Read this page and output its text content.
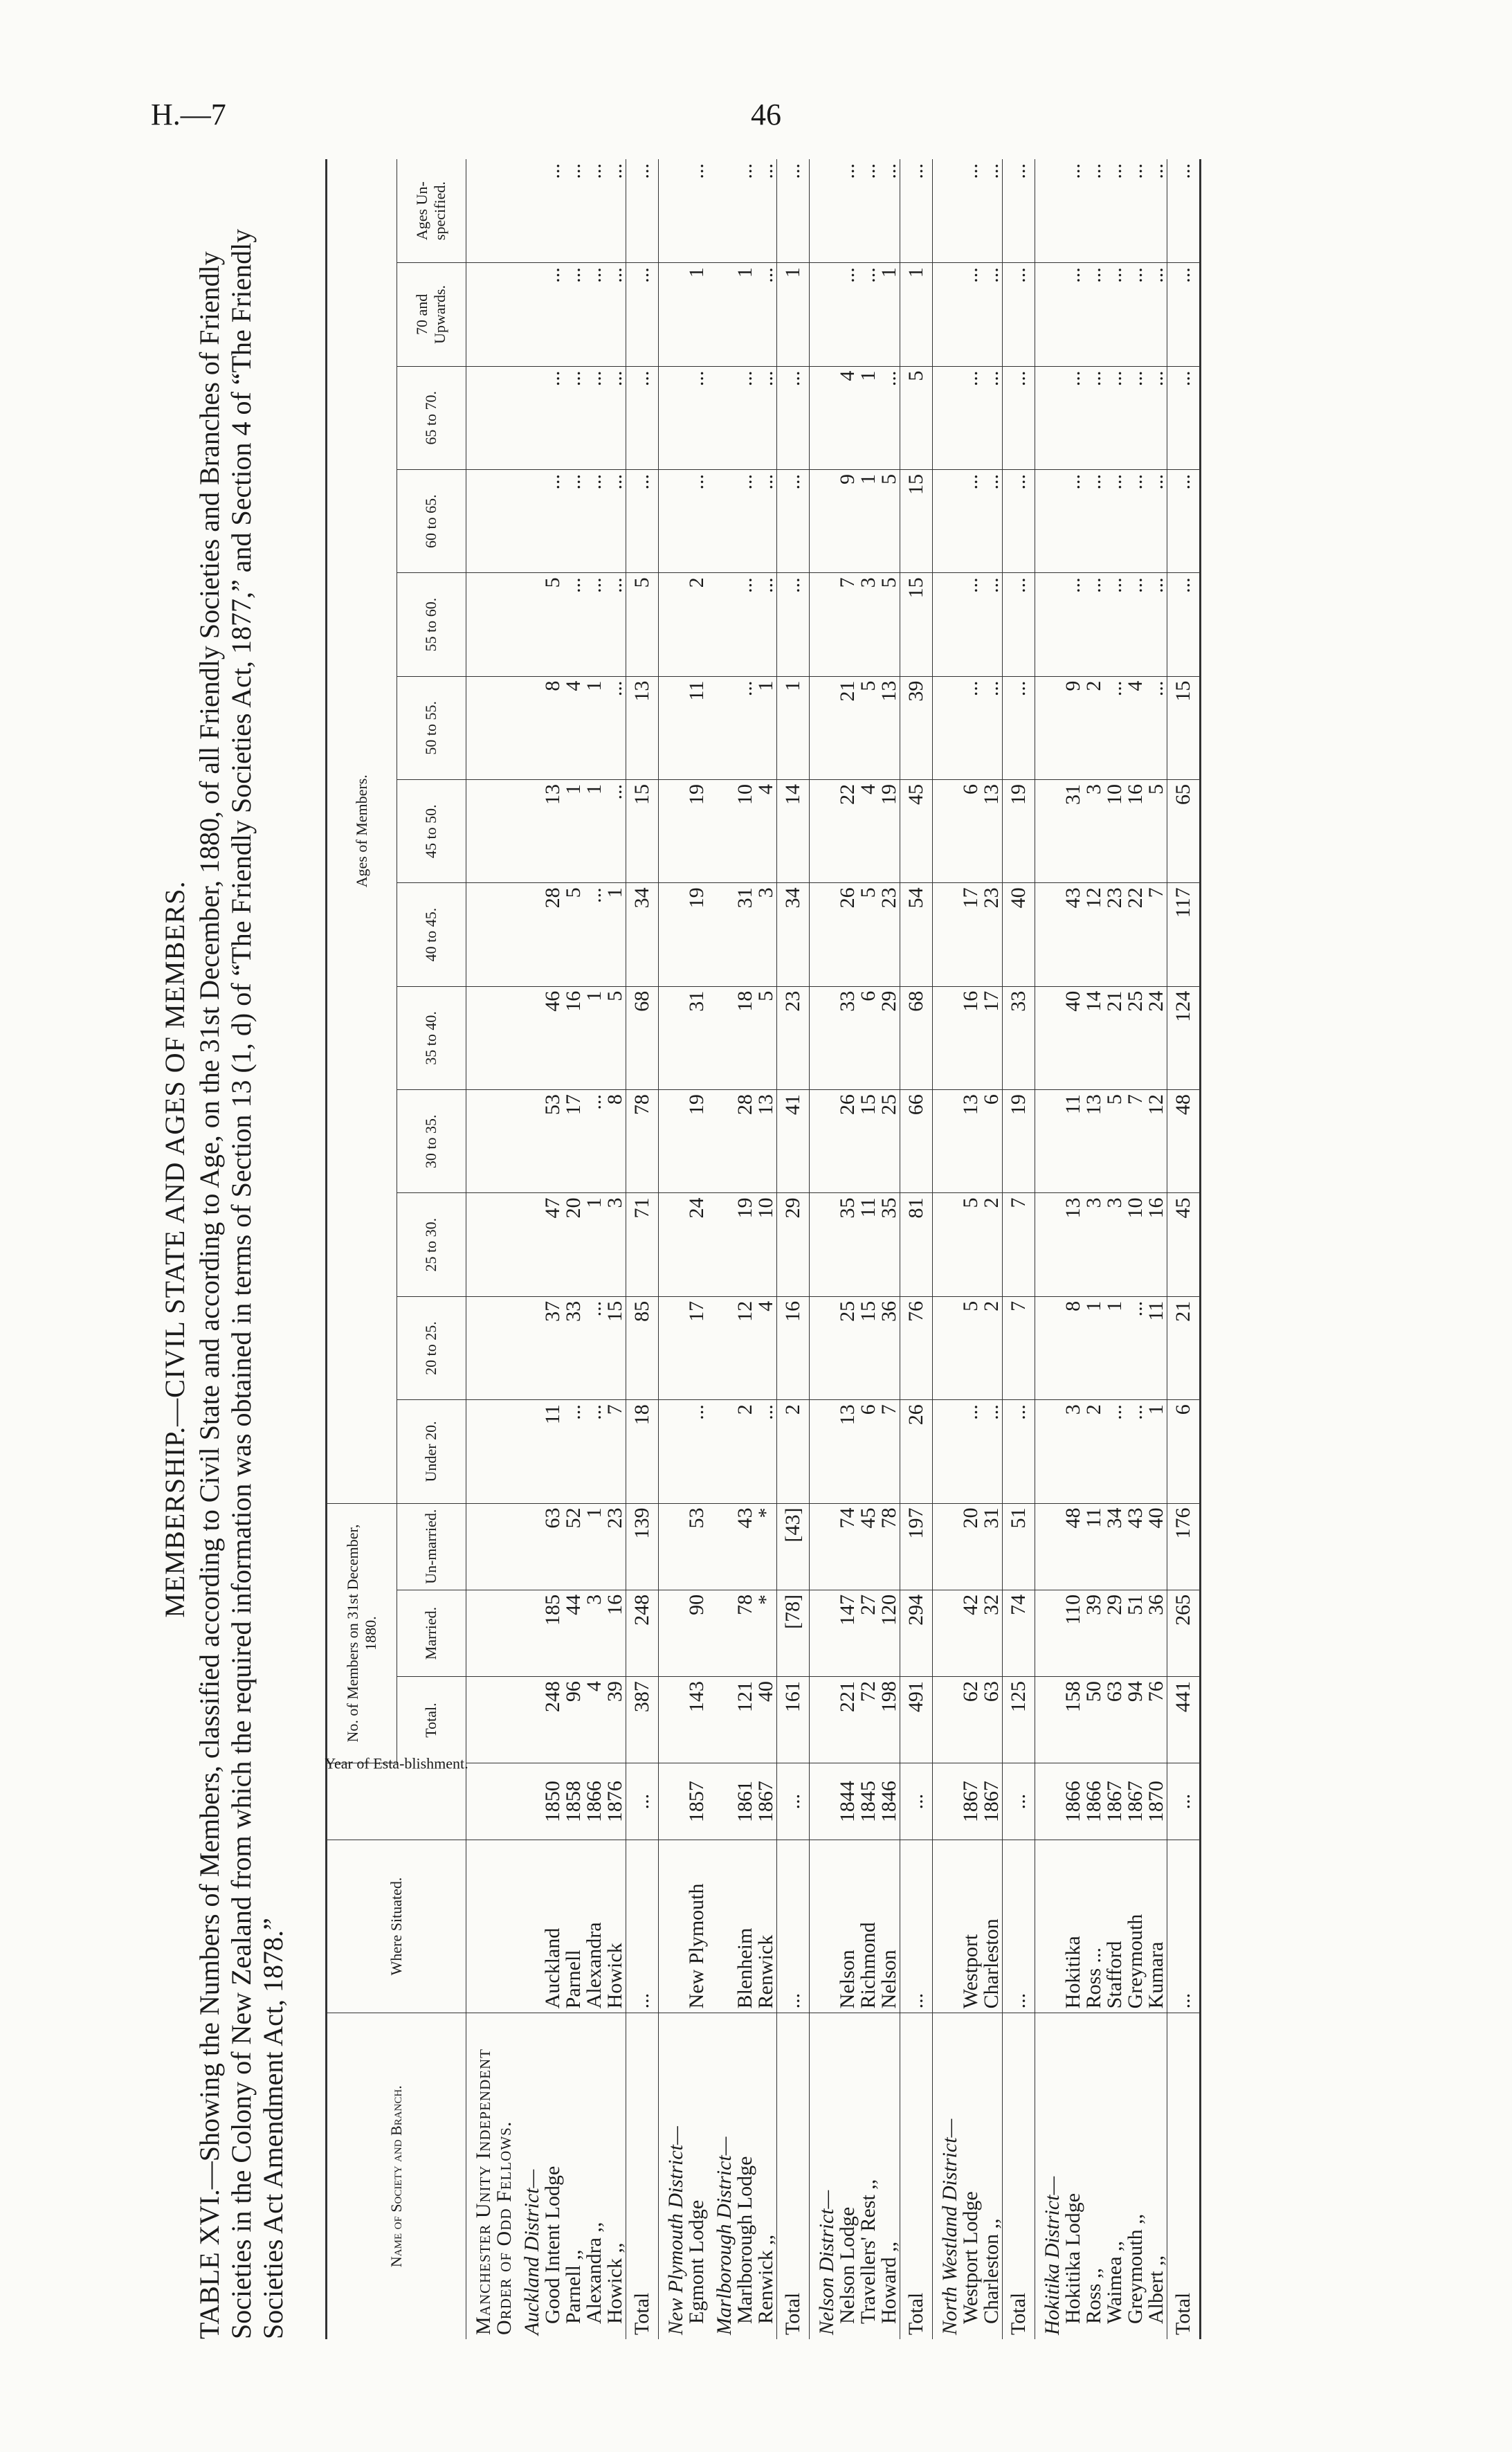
H.—7	46
MEMBERSHIP.—CIVIL STATE AND AGES OF MEMBERS. TABLE XVI.—Showing the Numbers of Members, classified according to Civil State and according to Age, on the 31st December, 1880, of all Friendly Societies and Branches of Friendly Societies in the Colony of New Zealand from which the required information was obtained in terms of Section 13 (1, d) of “The Friendly Societies Act, 1877,” and Section 4 of “The Friendly Societies Act Amendment Act, 1878.”	Name of Society and Branch.	Where Situated.	Year of Esta-blishment.	No. of Members on 31st December, 1880.			Ages of Members.												
			Total.	Married.	Un-married.	Under 20.	20 to 25.	25 to 30.	30 to 35.	35 to 40.	40 to 45.	45 to 50.	50 to 55.	55 to 60.	60 to 65.	65 to 70.	70 and Upwards.	Ages Un-specified.
Manchester Unity Independent Order of Odd Fellows.																		
Auckland District—																		
Good Intent Lodge	Auckland	1850	248	185	63	11	37	47	53	46	28	13	8	5	...	...	...	...
Parnell ,,	Parnell	1858	96	44	52	...	33	20	17	16	5	1	4	...	...	...	...	...
Alexandra ,,	Alexandra	1866	4	3	1	...	...	1	...	1	...	1	1	...	...	...	...	...
Howick ,,	Howick	1876	39	16	23	7	15	3	8	5	1	...	...	...	...	...	...	...
Total	...	...	387	248	139	18	85	71	78	68	34	15	13	5	...	...	...	...
New Plymouth District—																		
Egmont Lodge	New Plymouth	1857	143	90	53	...	17	24	19	31	19	19	11	2	...	...	1	...
Marlborough District—																		
Marlborough Lodge	Blenheim	1861	121	78	43	2	12	19	28	18	31	10	...	...	...	...	1	...
Renwick ,,	Renwick	1867	40	*	*	...	4	10	13	5	3	4	1	...	...	...	...	...
Total	...	...	161	[78]	[43]	2	16	29	41	23	34	14	1	...	...	...	1	...
Nelson District—																		
Nelson Lodge	Nelson	1844	221	147	74	13	25	35	26	33	26	22	21	7	9	4	...	...
Travellers' Rest ,,	Richmond	1845	72	27	45	6	15	11	15	6	5	4	5	3	1	1	...	...
Howard ,,	Nelson	1846	198	120	78	7	36	35	25	29	23	19	13	5	5	...	1	...
Total	...	...	491	294	197	26	76	81	66	68	54	45	39	15	15	5	1	...
North Westland District—																		
Westport Lodge	Westport	1867	62	42	20	...	5	5	13	16	17	6	...	...	...	...	...	...
Charleston ,,	Charleston	1867	63	32	31	...	2	2	6	17	23	13	...	...	...	...	...	...
Total	...	...	125	74	51	...	7	7	19	33	40	19	...	...	...	...	...	...
Hokitika District—																		
Hokitika Lodge	Hokitika	1866	158	110	48	3	8	13	11	40	43	31	9	...	...	...	...	...
Ross ,,	Ross ...	1866	50	39	11	2	1	3	13	14	12	3	2	...	...	...	...	...
Waimea ,,	Stafford	1867	63	29	34	...	1	3	5	21	23	10	...	...	...	...	...	...
Greymouth ,,	Greymouth	1867	94	51	43	...	...	10	7	25	22	16	4	...	...	...	...	...
Albert ,,	Kumara	1870	76	36	40	1	11	16	12	24	7	5	...	...	...	...	...	...
Total	...	...	441	265	176	6	21	45	48	124	117	65	15	...	...	...	...	...
